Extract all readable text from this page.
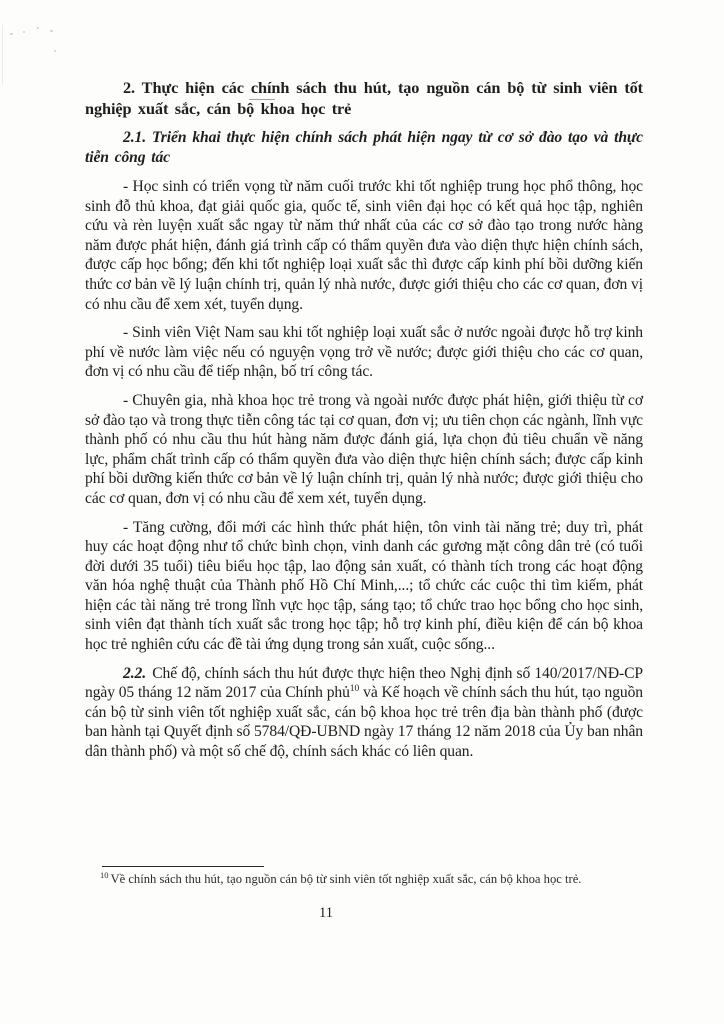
2. Thực hiện các chính sách thu hút, tạo nguồn cán bộ từ sinh viên tốt nghiệp xuất sắc, cán bộ khoa học trẻ

2.1. Triển khai thực hiện chính sách phát hiện ngay từ cơ sở đào tạo và thực tiễn công tác

- Học sinh có triển vọng từ năm cuối trước khi tốt nghiệp trung học phổ thông, học sinh đỗ thủ khoa, đạt giải quốc gia, quốc tế, sinh viên đại học có kết quả học tập, nghiên cứu và rèn luyện xuất sắc ngay từ năm thứ nhất của các cơ sở đào tạo trong nước hàng năm được phát hiện, đánh giá trình cấp có thẩm quyền đưa vào diện thực hiện chính sách, được cấp học bổng; đến khi tốt nghiệp loại xuất sắc thì được cấp kinh phí bồi dưỡng kiến thức cơ bản về lý luận chính trị, quản lý nhà nước, được giới thiệu cho các cơ quan, đơn vị có nhu cầu để xem xét, tuyển dụng.

- Sinh viên Việt Nam sau khi tốt nghiệp loại xuất sắc ở nước ngoài được hỗ trợ kinh phí về nước làm việc nếu có nguyện vọng trở về nước; được giới thiệu cho các cơ quan, đơn vị có nhu cầu để tiếp nhận, bố trí công tác.

- Chuyên gia, nhà khoa học trẻ trong và ngoài nước được phát hiện, giới thiệu từ cơ sở đào tạo và trong thực tiễn công tác tại cơ quan, đơn vị; ưu tiên chọn các ngành, lĩnh vực thành phố có nhu cầu thu hút hàng năm được đánh giá, lựa chọn đủ tiêu chuẩn về năng lực, phẩm chất trình cấp có thẩm quyền đưa vào diện thực hiện chính sách; được cấp kinh phí bồi dưỡng kiến thức cơ bản về lý luận chính trị, quản lý nhà nước; được giới thiệu cho các cơ quan, đơn vị có nhu cầu để xem xét, tuyển dụng.

- Tăng cường, đổi mới các hình thức phát hiện, tôn vinh tài năng trẻ; duy trì, phát huy các hoạt động như tổ chức bình chọn, vinh danh các gương mặt công dân trẻ (có tuổi đời dưới 35 tuổi) tiêu biểu học tập, lao động sản xuất, có thành tích trong các hoạt động văn hóa nghệ thuật của Thành phố Hồ Chí Minh,...; tổ chức các cuộc thi tìm kiếm, phát hiện các tài năng trẻ trong lĩnh vực học tập, sáng tạo; tổ chức trao học bổng cho học sinh, sinh viên đạt thành tích xuất sắc trong học tập; hỗ trợ kinh phí, điều kiện để cán bộ khoa học trẻ nghiên cứu các đề tài ứng dụng trong sản xuất, cuộc sống...

2.2. Chế độ, chính sách thu hút được thực hiện theo Nghị định số 140/2017/NĐ-CP ngày 05 tháng 12 năm 2017 của Chính phủ$^{10}$ và Kế hoạch về chính sách thu hút, tạo nguồn cán bộ từ sinh viên tốt nghiệp xuất sắc, cán bộ khoa học trẻ trên địa bàn thành phố (được ban hành tại Quyết định số 5784/QĐ-UBND ngày 17 tháng 12 năm 2018 của Ủy ban nhân dân thành phố) và một số chế độ, chính sách khác có liên quan.

$^{10}$ Về chính sách thu hút, tạo nguồn cán bộ từ sinh viên tốt nghiệp xuất sắc, cán bộ khoa học trẻ.
11
